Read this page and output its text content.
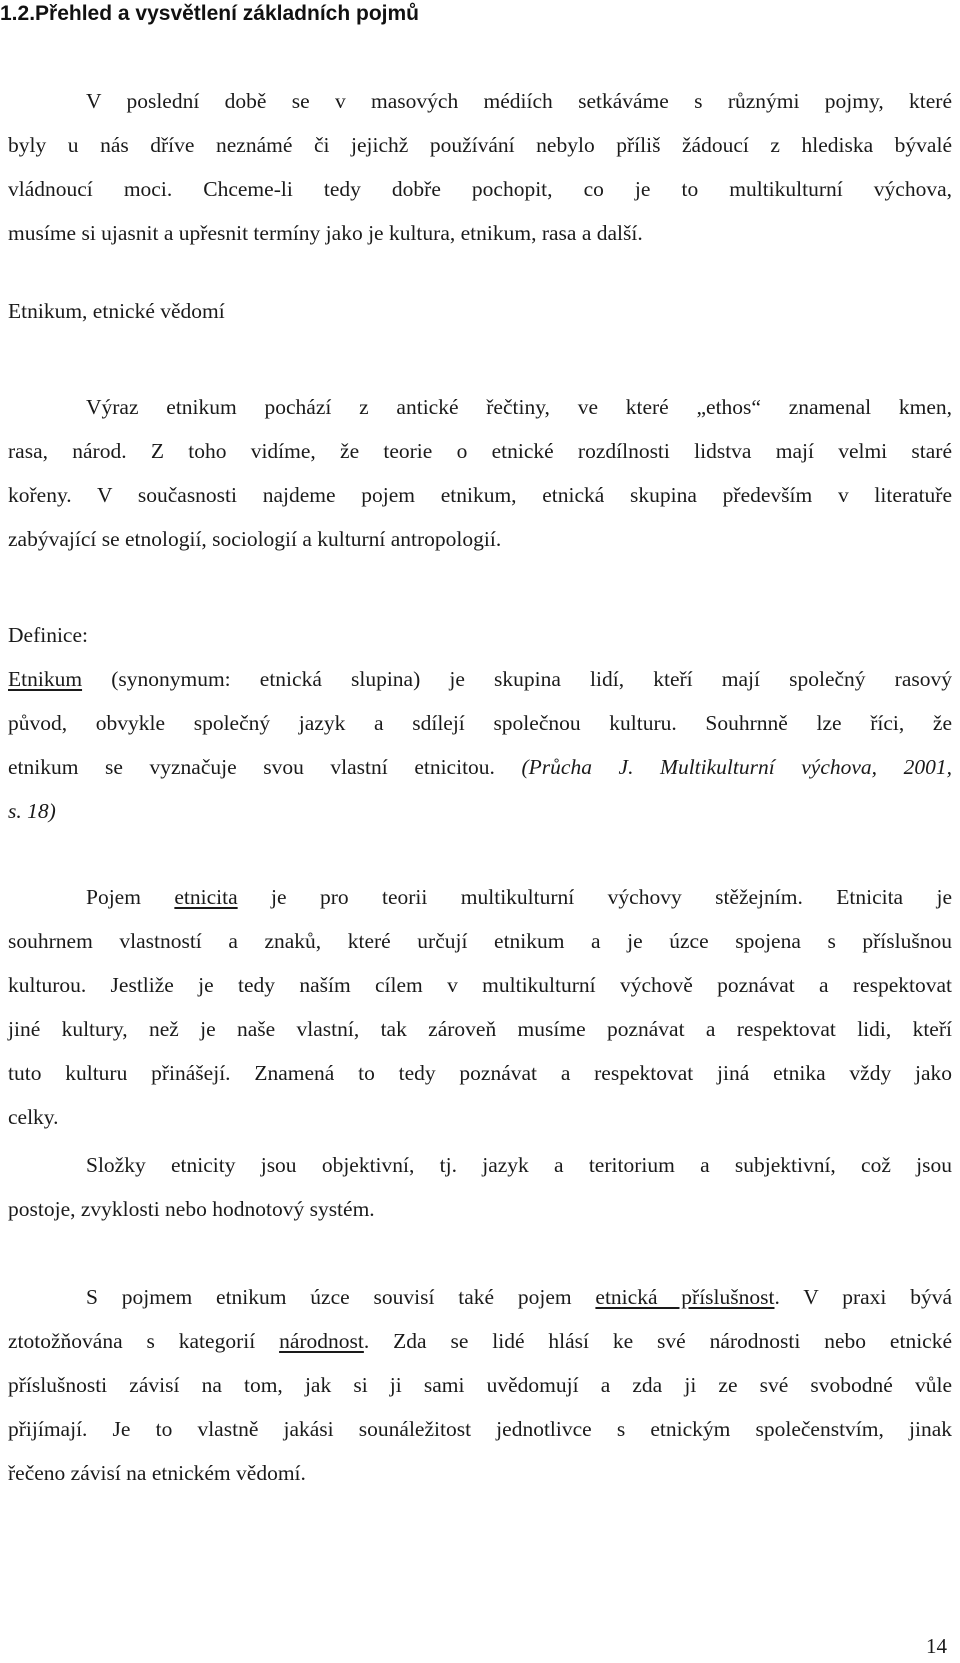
1.2.Přehled a vysvětlení základních pojmů
V poslední době se v masových médiích setkáváme s různými pojmy, které
byly u nás dříve neznámé či jejichž používání nebylo příliš žádoucí z hlediska bývalé
vládnoucí moci. Chceme-li tedy dobře pochopit, co je to multikulturní výchova,
musíme si ujasnit a upřesnit termíny jako je kultura, etnikum, rasa a další.
Etnikum, etnické vědomí
Výraz etnikum pochází z antické řečtiny, ve které „ethos“ znamenal kmen,
rasa, národ. Z toho vidíme, že teorie o etnické rozdílnosti lidstva mají velmi staré
kořeny. V současnosti najdeme pojem etnikum, etnická skupina především v literatuře
zabývající se etnologií, sociologií a kulturní antropologií.
Definice:
Etnikum (synonymum: etnická slupina) je skupina lidí, kteří mají společný rasový
původ, obvykle společný jazyk a sdílejí společnou kulturu. Souhrnně lze říci, že
etnikum se vyznačuje svou vlastní etnicitou. (Průcha J. Multikulturní výchova, 2001,
s. 18)
Pojem etnicita je pro teorii multikulturní výchovy stěžejním. Etnicita je
souhrnem vlastností a znaků, které určují etnikum a je úzce spojena s příslušnou
kulturou. Jestliže je tedy naším cílem v multikulturní výchově poznávat a respektovat
jiné kultury, než je naše vlastní, tak zároveň musíme poznávat a respektovat lidi, kteří
tuto kulturu přinášejí. Znamená to tedy poznávat a respektovat jiná etnika vždy jako
celky.
Složky etnicity jsou objektivní, tj. jazyk a teritorium a subjektivní, což jsou
postoje, zvyklosti nebo hodnotový systém.
S pojmem etnikum úzce souvisí také pojem etnická příslušnost. V praxi bývá
ztotožňována s kategorií národnost. Zda se lidé hlásí ke své národnosti nebo etnické
příslušnosti závisí na tom, jak si ji sami uvědomují a zda ji ze své svobodné vůle
přijímají. Je to vlastně jakási sounáležitost jednotlivce s etnickým společenstvím, jinak
řečeno závisí na etnickém vědomí.
14
